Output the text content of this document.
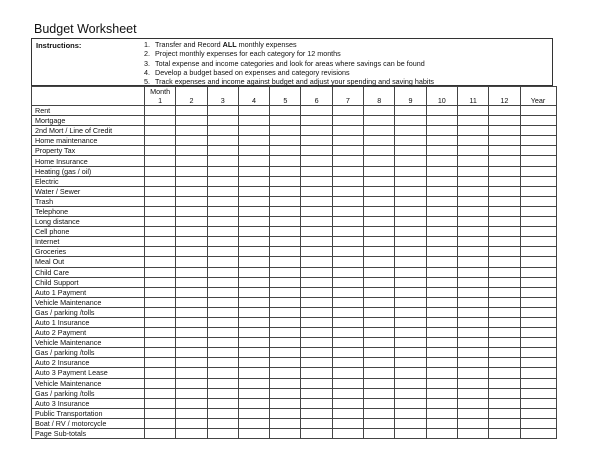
Budget Worksheet
Instructions:	1. Transfer and Record ALL monthly expenses
2. Project monthly expenses for each category for 12 months
3. Total expense and income categories and look for areas where savings can be found
4. Develop a budget based on expenses and category revisions
5. Track expenses and income against budget and adjust your spending and saving habits

	Month
1	2	3	4	5	6	7	8	9	10	11	12	Year
Rent													
Mortgage													
2nd Mort / Line of Credit													
Home maintenance													
Property Tax													
Home Insurance													
Heating (gas / oil)													
Electric													
Water / Sewer													
Trash													
Telephone													
Long distance													
Cell phone													
Internet													
Groceries													
Meal Out													
Child Care													
Child Support													
Auto 1 Payment													
Vehicle Maintenance													
Gas / parking /tolls													
Auto 1 Insurance													
Auto 2 Payment													
Vehicle Maintenance													
Gas / parking /tolls													
Auto 2 Insurance													
Auto 3 Payment Lease													
Vehicle Maintenance													
Gas / parking /tolls													
Auto 3 Insurance													
Public Transportation													
Boat / RV / motorcycle													
Page Sub-totals													
